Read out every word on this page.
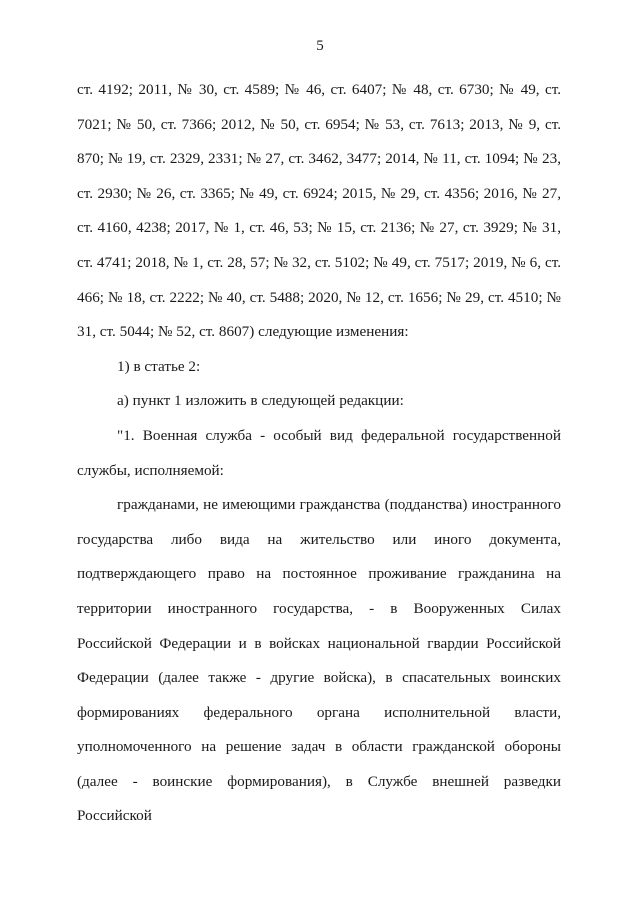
5

ст. 4192; 2011, № 30, ст. 4589; № 46, ст. 6407; № 48, ст. 6730; № 49, ст. 7021; № 50, ст. 7366; 2012, № 50, ст. 6954; № 53, ст. 7613; 2013, № 9, ст. 870; № 19, ст. 2329, 2331; № 27, ст. 3462, 3477; 2014, № 11, ст. 1094; № 23, ст. 2930; № 26, ст. 3365; № 49, ст. 6924; 2015, № 29, ст. 4356; 2016, № 27, ст. 4160, 4238; 2017, № 1, ст. 46, 53; № 15, ст. 2136; № 27, ст. 3929; № 31, ст. 4741; 2018, № 1, ст. 28, 57; № 32, ст. 5102; № 49, ст. 7517; 2019, № 6, ст. 466; № 18, ст. 2222; № 40, ст. 5488; 2020, № 12, ст. 1656; № 29, ст. 4510; № 31, ст. 5044; № 52, ст. 8607) следующие изменения:

1) в статье 2:

а) пункт 1 изложить в следующей редакции:

"1. Военная служба - особый вид федеральной государственной службы, исполняемой:

гражданами, не имеющими гражданства (подданства) иностранного государства либо вида на жительство или иного документа, подтверждающего право на постоянное проживание гражданина на территории иностранного государства, - в Вооруженных Силах Российской Федерации и в войсках национальной гвардии Российской Федерации (далее также - другие войска), в спасательных воинских формированиях федерального органа исполнительной власти, уполномоченного на решение задач в области гражданской обороны (далее - воинские формирования), в Службе внешней разведки Российской
